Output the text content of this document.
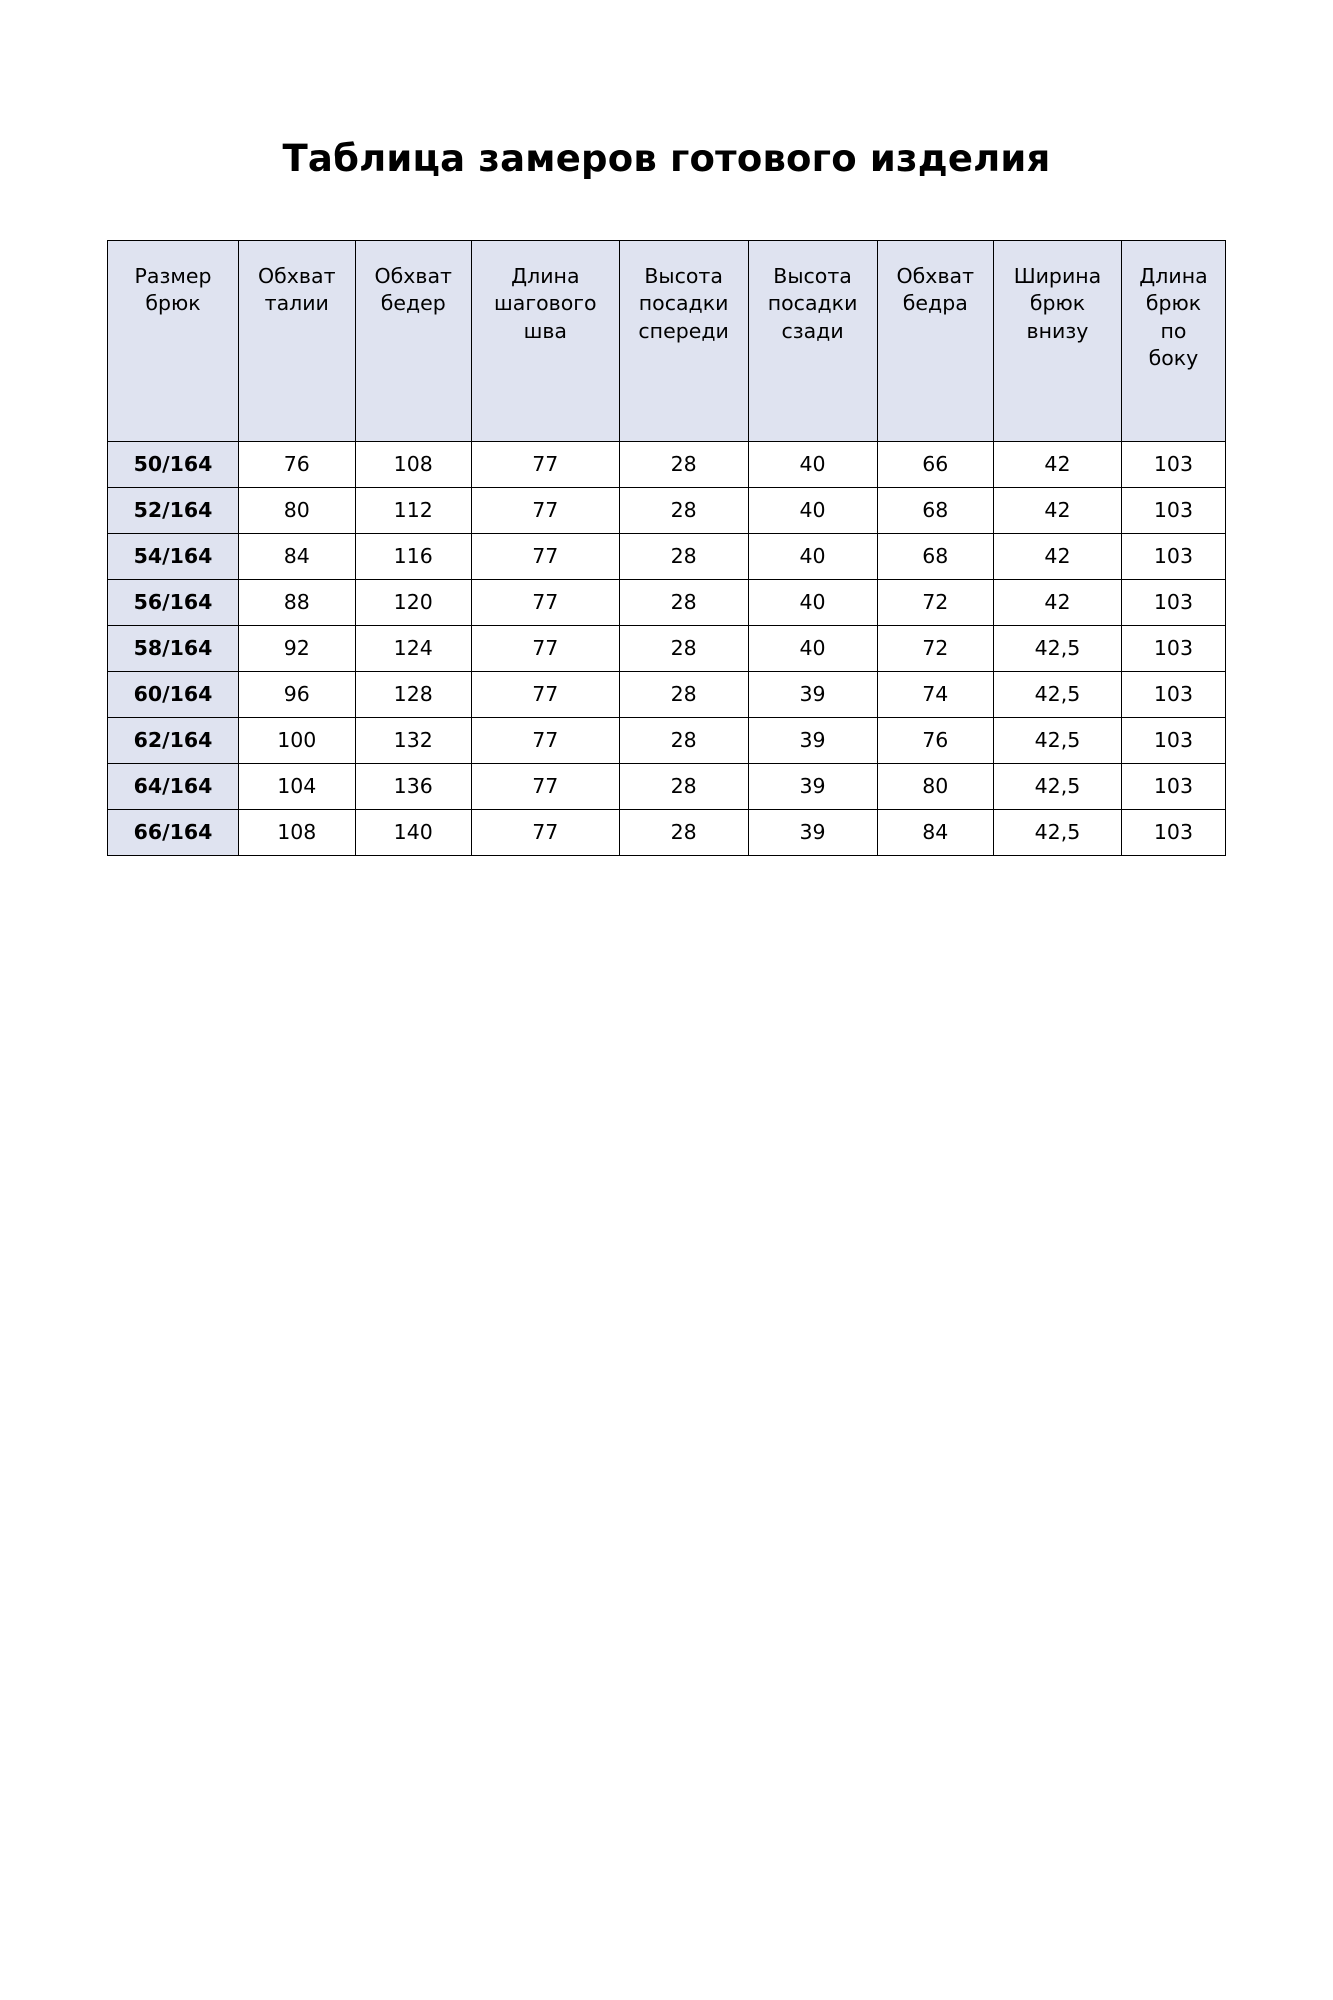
Таблица замеров готового изделия
Размер
брюк	Обхват
талии	Обхват
бедер	Длина
шагового
шва	Высота
посадки
спереди	Высота
посадки
сзади	Обхват
бедра	Ширина
брюк
внизу	Длина
брюк
по
боку

50/164	76	108	77	28	40	66	42	103
52/164	80	112	77	28	40	68	42	103
54/164	84	116	77	28	40	68	42	103
56/164	88	120	77	28	40	72	42	103
58/164	92	124	77	28	40	72	42,5	103
60/164	96	128	77	28	39	74	42,5	103
62/164	100	132	77	28	39	76	42,5	103
64/164	104	136	77	28	39	80	42,5	103
66/164	108	140	77	28	39	84	42,5	103
